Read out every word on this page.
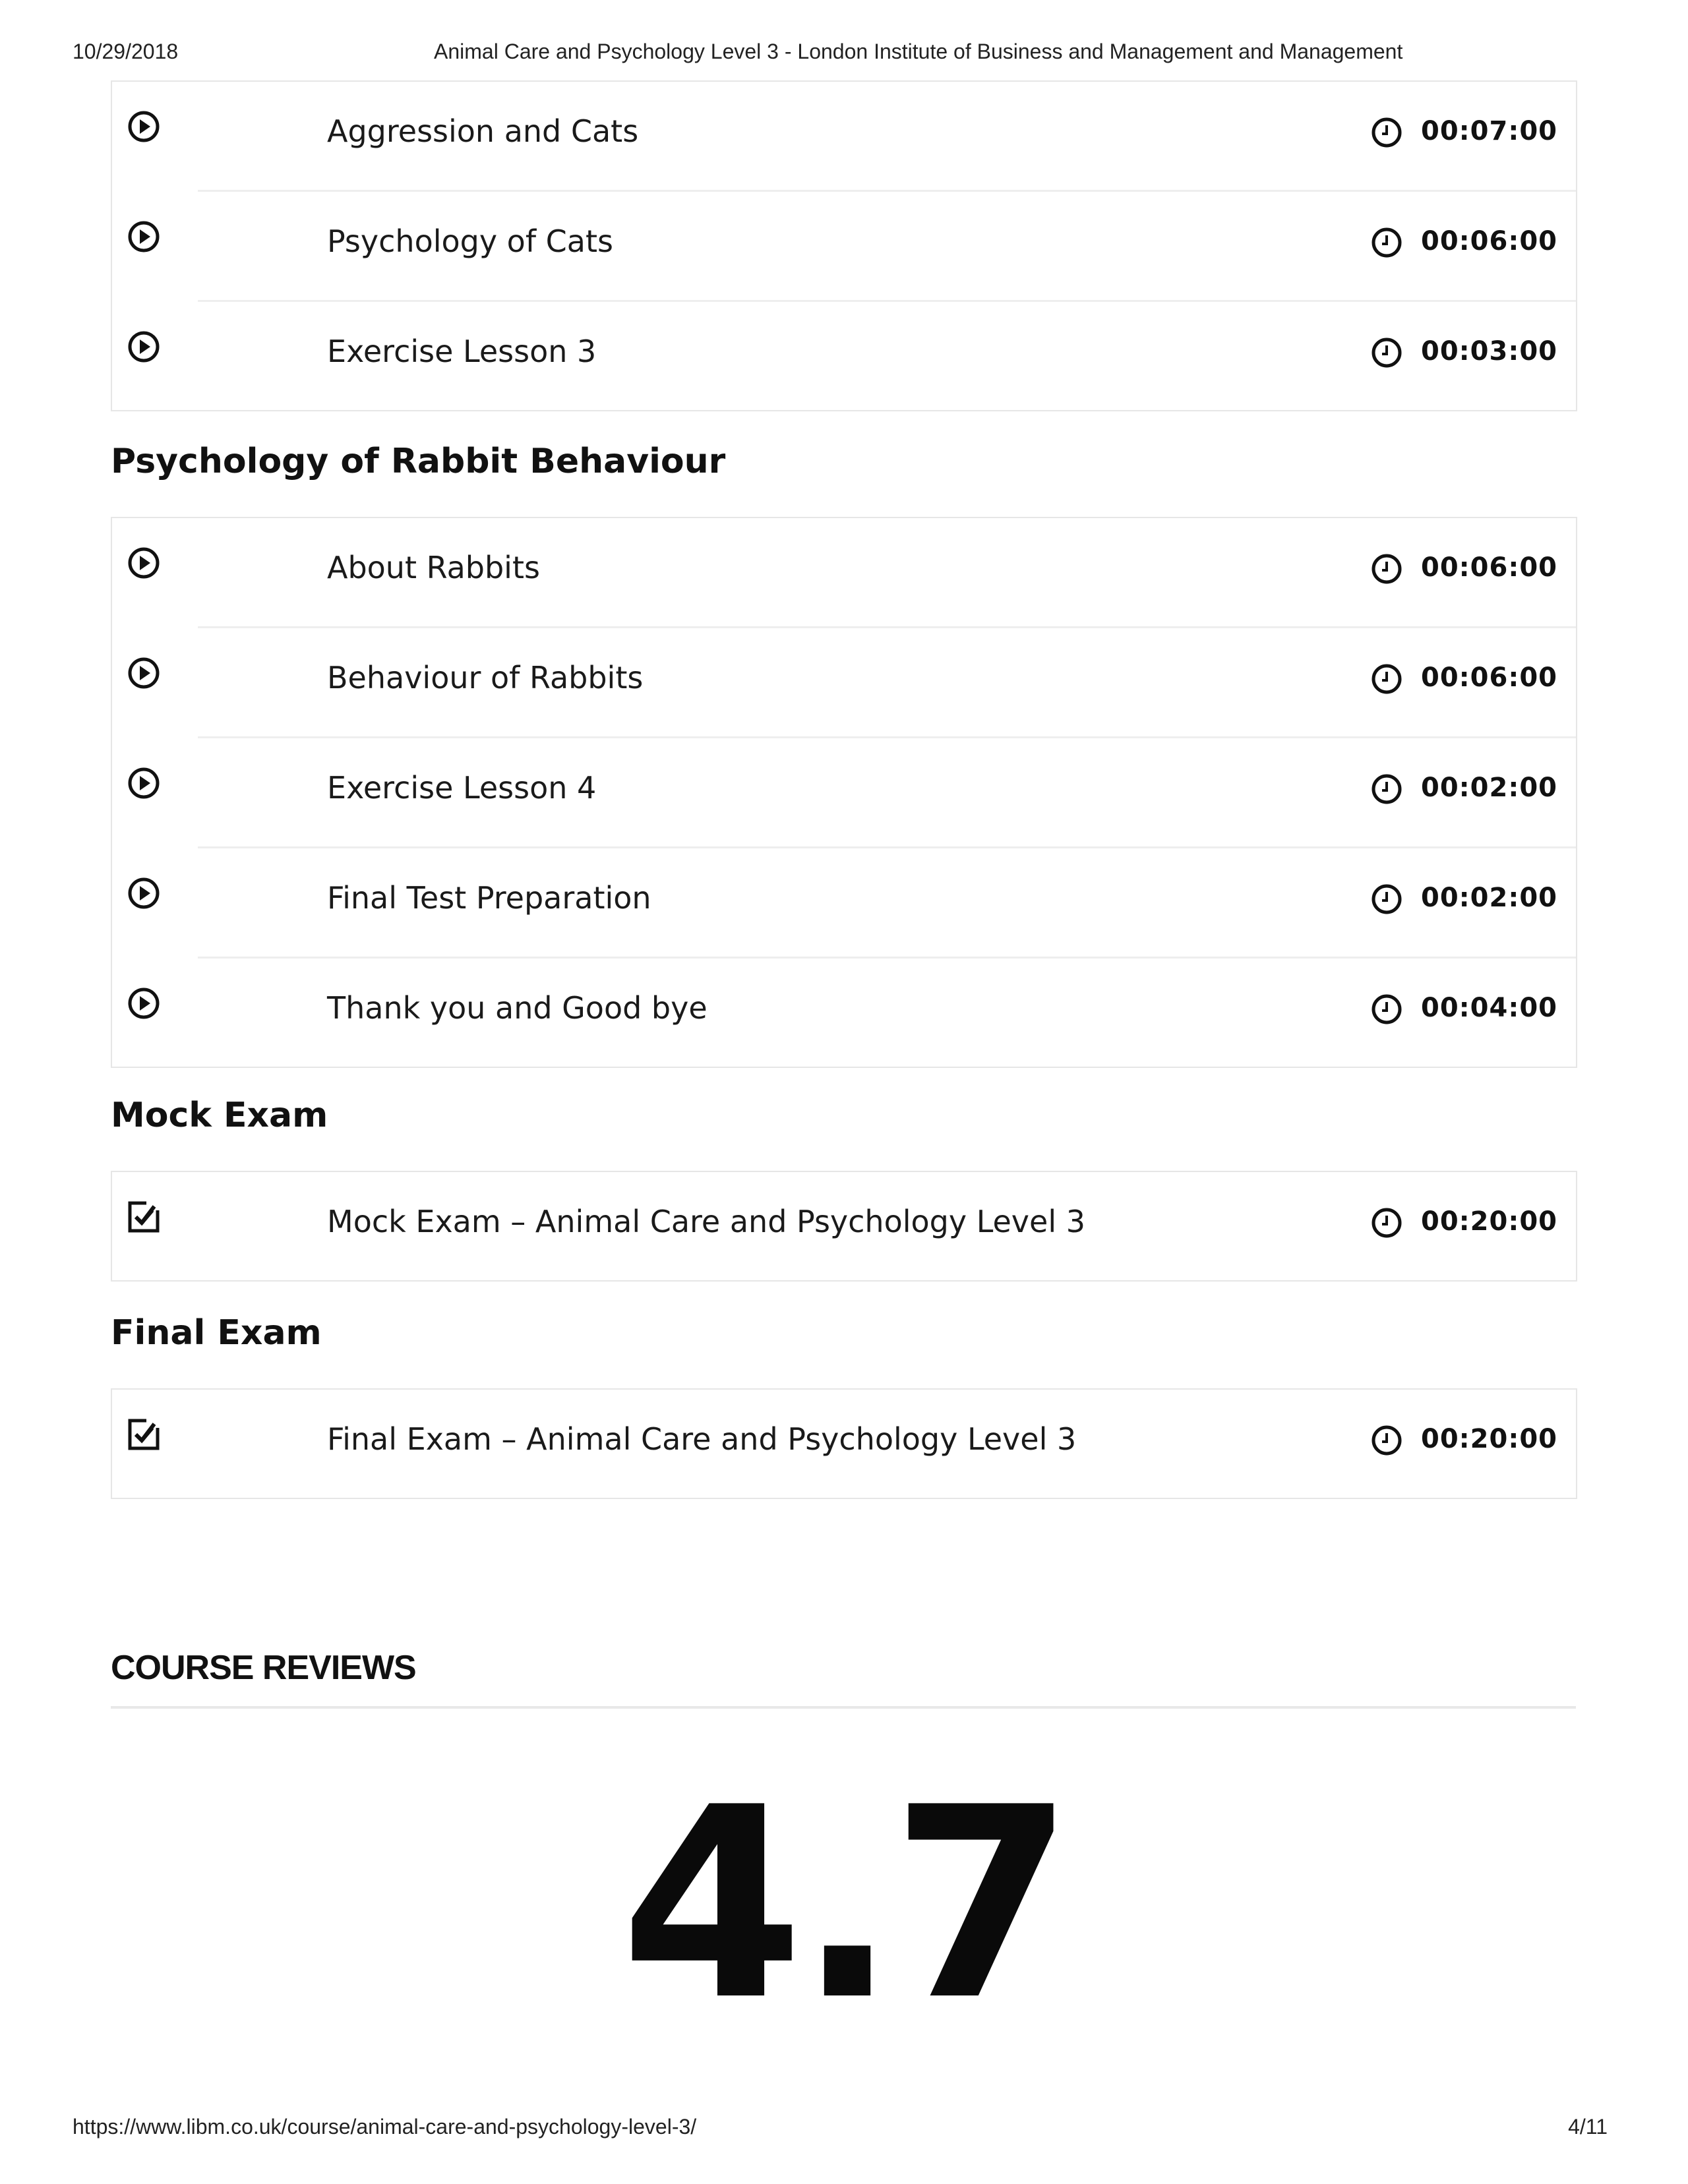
10/29/2018	Animal Care and Psychology Level 3 - London Institute of Business and Management and Management
Aggression and Cats	00:07:00
Psychology of Cats	00:06:00
Exercise Lesson 3	00:03:00
Psychology of Rabbit Behaviour
About Rabbits	00:06:00
Behaviour of Rabbits	00:06:00
Exercise Lesson 4	00:02:00
Final Test Preparation	00:02:00
Thank you and Good bye	00:04:00
Mock Exam
Mock Exam – Animal Care and Psychology Level 3	00:20:00
Final Exam
Final Exam – Animal Care and Psychology Level 3	00:20:00
COURSE REVIEWS
4.7
https://www.libm.co.uk/course/animal-care-and-psychology-level-3/	4/11
